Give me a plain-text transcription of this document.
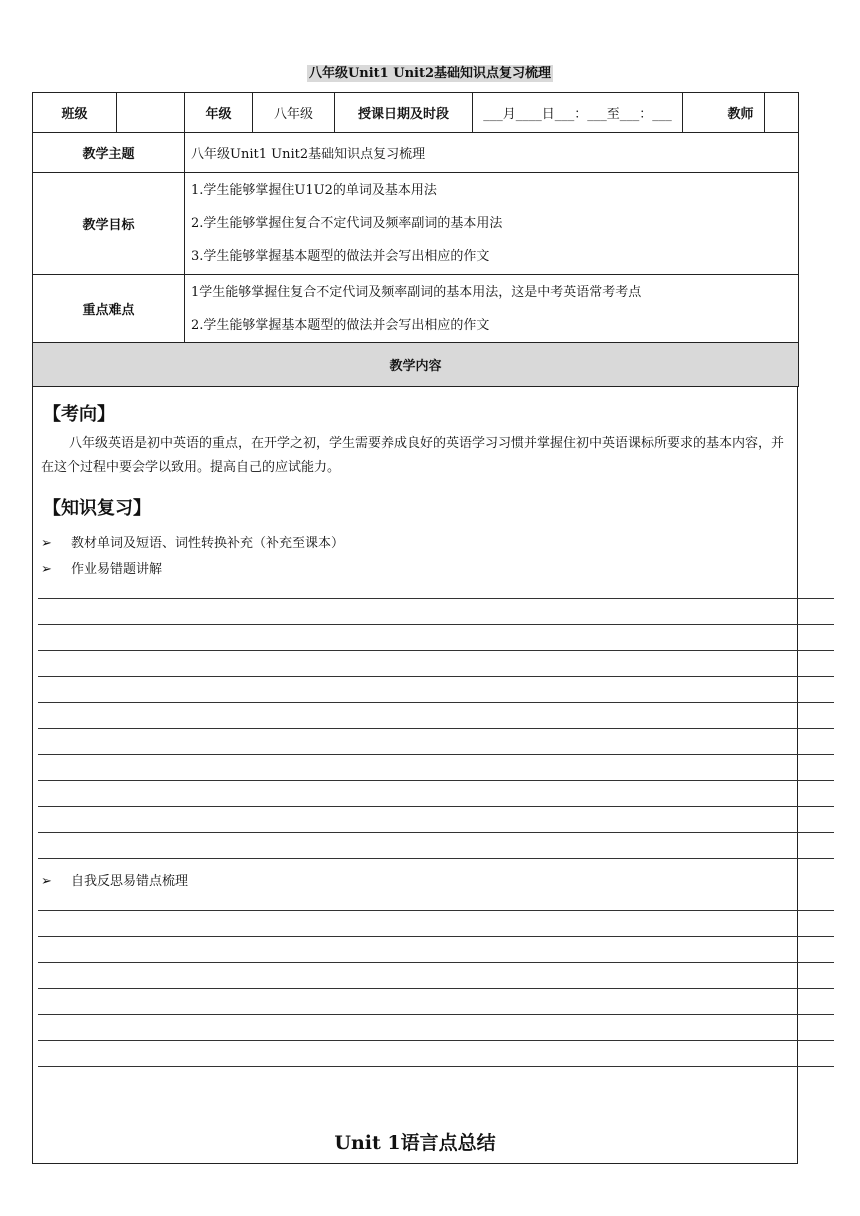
八年级Unit1 Unit2基础知识点复习梳理
班级		年级	八年级	授课日期及时段	___月____日___：___至___：___	教师
教学主题		八年级Unit1 Unit2基础知识点复习梳理				
教学目标		1.学生能够掌握住U1U2的单词及基本用法
2.学生能够掌握住复合不定代词及频率副词的基本用法
3.学生能够掌握基本题型的做法并会写出相应的作文				

重点难点		1学生能够掌握住复合不定代词及频率副词的基本用法，这是中考英语常考考点
2.学生能够掌握基本题型的做法并会写出相应的作文				

教学内容						
【考向】
八年级英语是初中英语的重点，在开学之初，学生需要养成良好的英语学习习惯并掌握住初中英语课标所要求的基本内容，并在这个过程中要会学以致用。提高自己的应试能力。
【知识复习】
➢ 教材单词及短语、词性转换补充（补充至课本）
➢ 作业易错题讲解
➢ 自我反思易错点梳理
Unit 1语言点总结
